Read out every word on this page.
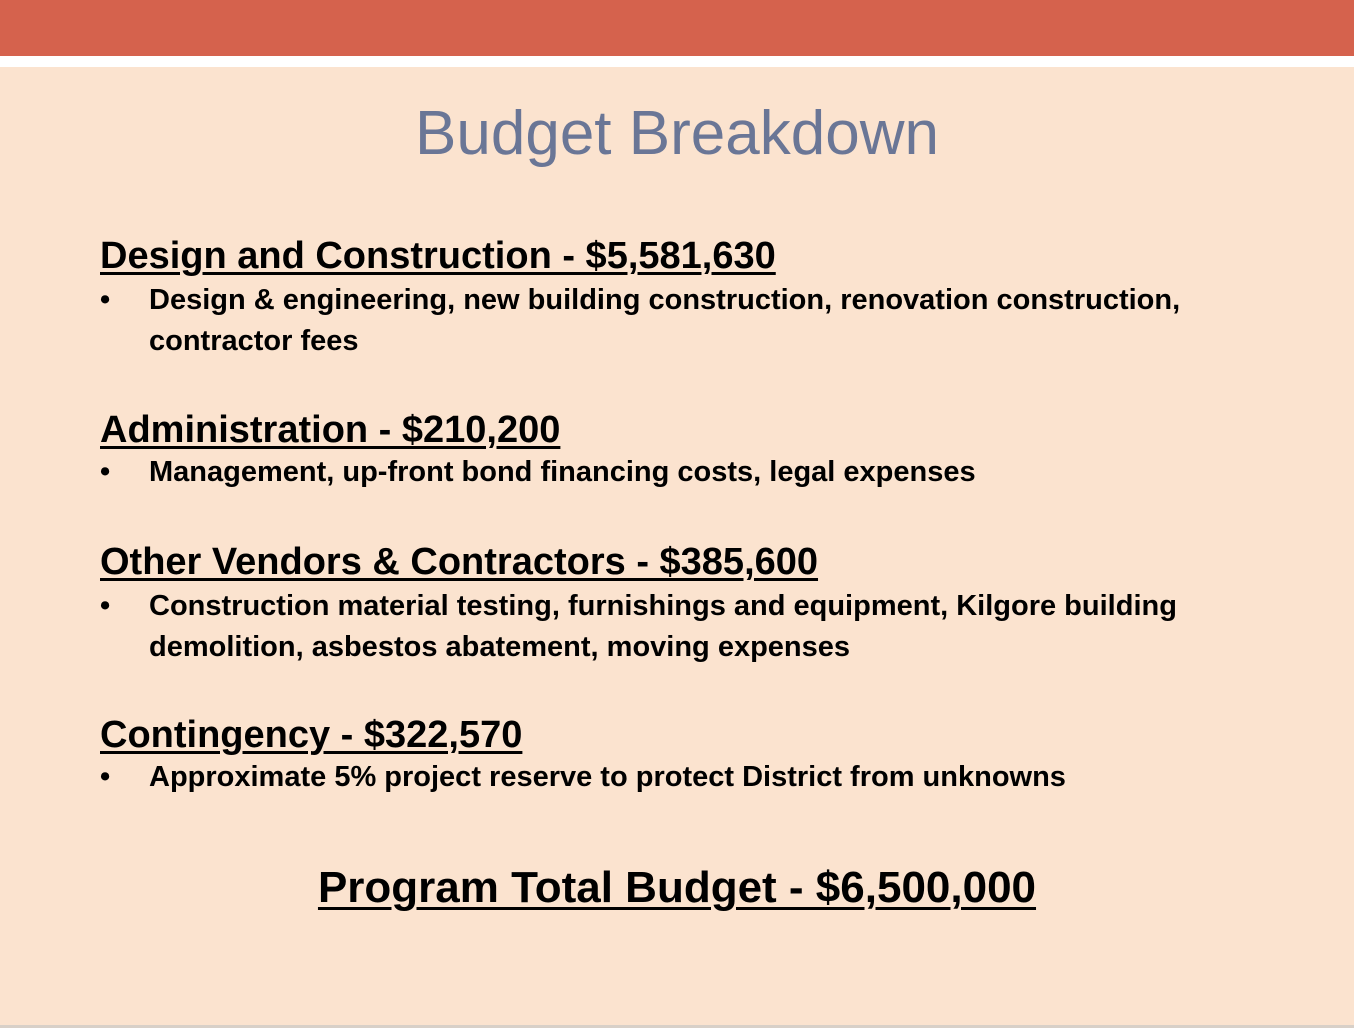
Budget Breakdown

Design and Construction - $5,581,630

• Design & engineering, new building construction, renovation construction, contractor fees

Administration - $210,200

• Management, up-front bond financing costs, legal expenses

Other Vendors & Contractors - $385,600

• Construction material testing, furnishings and equipment, Kilgore building demolition, asbestos abatement, moving expenses

Contingency - $322,570

• Approximate 5% project reserve to protect District from unknowns
Program Total Budget - $6,500,000
